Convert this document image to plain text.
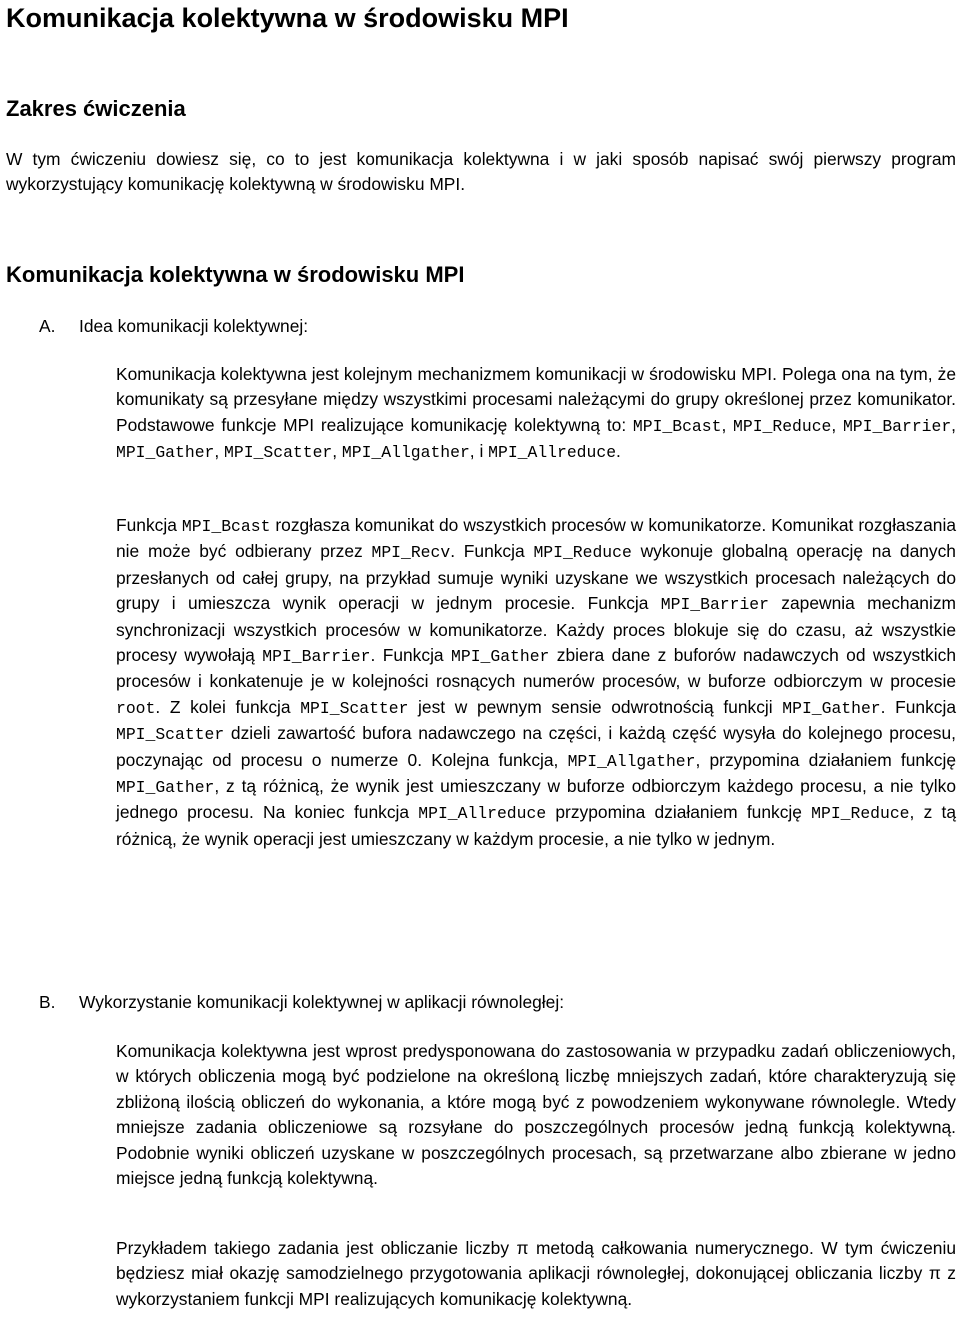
Komunikacja kolektywna w środowisku MPI
Zakres ćwiczenia

W tym ćwiczeniu dowiesz się, co to jest komunikacja kolektywna i w jaki sposób napisać swój pierwszy program wykorzystujący komunikację kolektywną w środowisku MPI.

Komunikacja kolektywna w środowisku MPI
A. Idea komunikacji kolektywnej:

Komunikacja kolektywna jest kolejnym mechanizmem komunikacji w środowisku MPI. Polega ona na tym, że komunikaty są przesyłane między wszystkimi procesami należącymi do grupy określonej przez komunikator. Podstawowe funkcje MPI realizujące komunikację kolektywną to: MPI_Bcast, MPI_Reduce, MPI_Barrier, MPI_Gather, MPI_Scatter, MPI_Allgather, i MPI_Allreduce.

Funkcja MPI_Bcast rozgłasza komunikat do wszystkich procesów w komunikatorze. Komunikat rozgłaszania nie może być odbierany przez MPI_Recv. Funkcja MPI_Reduce wykonuje globalną operację na danych przesłanych od całej grupy, na przykład sumuje wyniki uzyskane we wszystkich procesach należących do grupy i umieszcza wynik operacji w jednym procesie. Funkcja MPI_Barrier zapewnia mechanizm synchronizacji wszystkich procesów w komunikatorze. Każdy proces blokuje się do czasu, aż wszystkie procesy wywołają MPI_Barrier. Funkcja MPI_Gather zbiera dane z buforów nadawczych od wszystkich procesów i konkatenuje je w kolejności rosnących numerów procesów, w buforze odbiorczym w procesie root. Z kolei funkcja MPI_Scatter jest w pewnym sensie odwrotnością funkcji MPI_Gather. Funkcja MPI_Scatter dzieli zawartość bufora nadawczego na części, i każdą część wysyła do kolejnego procesu, poczynając od procesu o numerze 0. Kolejna funkcja, MPI_Allgather, przypomina działaniem funkcję MPI_Gather, z tą różnicą, że wynik jest umieszczany w buforze odbiorczym każdego procesu, a nie tylko jednego procesu. Na koniec funkcja MPI_Allreduce przypomina działaniem funkcję MPI_Reduce, z tą różnicą, że wynik operacji jest umieszczany w każdym procesie, a nie tylko w jednym.

B. Wykorzystanie komunikacji kolektywnej w aplikacji równoległej:

Komunikacja kolektywna jest wprost predysponowana do zastosowania w przypadku zadań obliczeniowych, w których obliczenia mogą być podzielone na określoną liczbę mniejszych zadań, które charakteryzują się zbliżoną ilością obliczeń do wykonania, a które mogą być z powodzeniem wykonywane równolegle. Wtedy mniejsze zadania obliczeniowe są rozsyłane do poszczególnych procesów jedną funkcją kolektywną. Podobnie wyniki obliczeń uzyskane w poszczególnych procesach, są przetwarzane albo zbierane w jedno miejsce jedną funkcją kolektywną.

Przykładem takiego zadania jest obliczanie liczby π metodą całkowania numerycznego. W tym ćwiczeniu będziesz miał okazję samodzielnego przygotowania aplikacji równoległej, dokonującej obliczania liczby π z wykorzystaniem funkcji MPI realizujących komunikację kolektywną.
